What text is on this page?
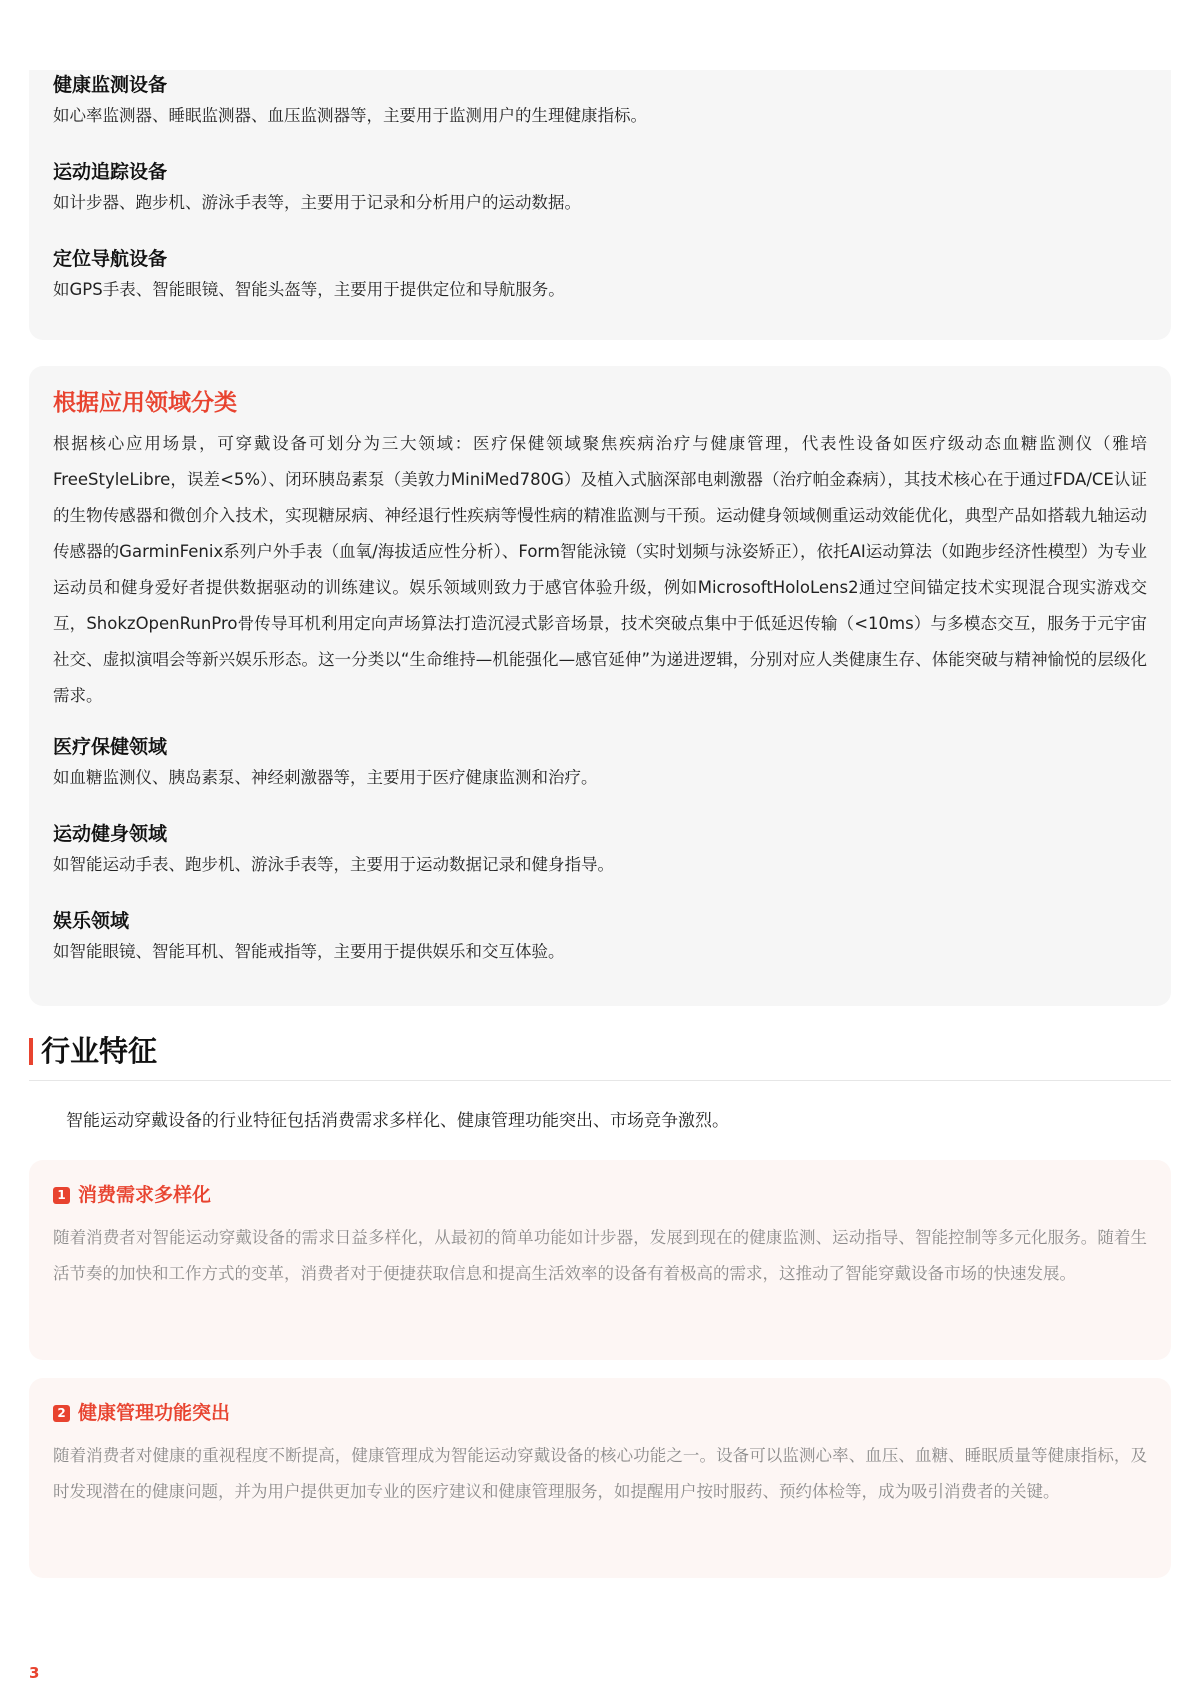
健康监测设备

如心率监测器、睡眠监测器、血压监测器等，主要用于监测用户的生理健康指标。

运动追踪设备

如计步器、跑步机、游泳手表等，主要用于记录和分析用户的运动数据。

定位导航设备

如GPS手表、智能眼镜、智能头盔等，主要用于提供定位和导航服务。

根据应用领域分类

根据核心应用场景，可穿戴设备可划分为三大领域：医疗保健领域聚焦疾病治疗与健康管理，代表性设备如医疗级动态血糖监测仪（雅培FreeStyleLibre，误差<5%）、闭环胰岛素泵（美敦力MiniMed780G）及植入式脑深部电刺激器（治疗帕金森病），其技术核心在于通过FDA/CE认证的生物传感器和微创介入技术，实现糖尿病、神经退行性疾病等慢性病的精准监测与干预。运动健身领域侧重运动效能优化，典型产品如搭载九轴运动传感器的GarminFenix系列户外手表（血氧/海拔适应性分析）、Form智能泳镜（实时划频与泳姿矫正），依托AI运动算法（如跑步经济性模型）为专业运动员和健身爱好者提供数据驱动的训练建议。娱乐领域则致力于感官体验升级，例如MicrosoftHoloLens2通过空间锚定技术实现混合现实游戏交互，ShokzOpenRunPro骨传导耳机利用定向声场算法打造沉浸式影音场景，技术突破点集中于低延迟传输（<10ms）与多模态交互，服务于元宇宙社交、虚拟演唱会等新兴娱乐形态。这一分类以“生命维持—机能强化—感官延伸”为递进逻辑，分别对应人类健康生存、体能突破与精神愉悦的层级化需求。

医疗保健领域

如血糖监测仪、胰岛素泵、神经刺激器等，主要用于医疗健康监测和治疗。

运动健身领域

如智能运动手表、跑步机、游泳手表等，主要用于运动数据记录和健身指导。

娱乐领域

如智能眼镜、智能耳机、智能戒指等，主要用于提供娱乐和交互体验。

行业特征

智能运动穿戴设备的行业特征包括消费需求多样化、健康管理功能突出、市场竞争激烈。

1 消费需求多样化

随着消费者对智能运动穿戴设备的需求日益多样化，从最初的简单功能如计步器，发展到现在的健康监测、运动指导、智能控制等多元化服务。随着生活节奏的加快和工作方式的变革，消费者对于便捷获取信息和提高生活效率的设备有着极高的需求，这推动了智能穿戴设备市场的快速发展。

2 健康管理功能突出

随着消费者对健康的重视程度不断提高，健康管理成为智能运动穿戴设备的核心功能之一。设备可以监测心率、血压、血糖、睡眠质量等健康指标，及时发现潜在的健康问题，并为用户提供更加专业的医疗建议和健康管理服务，如提醒用户按时服药、预约体检等，成为吸引消费者的关键。

3
